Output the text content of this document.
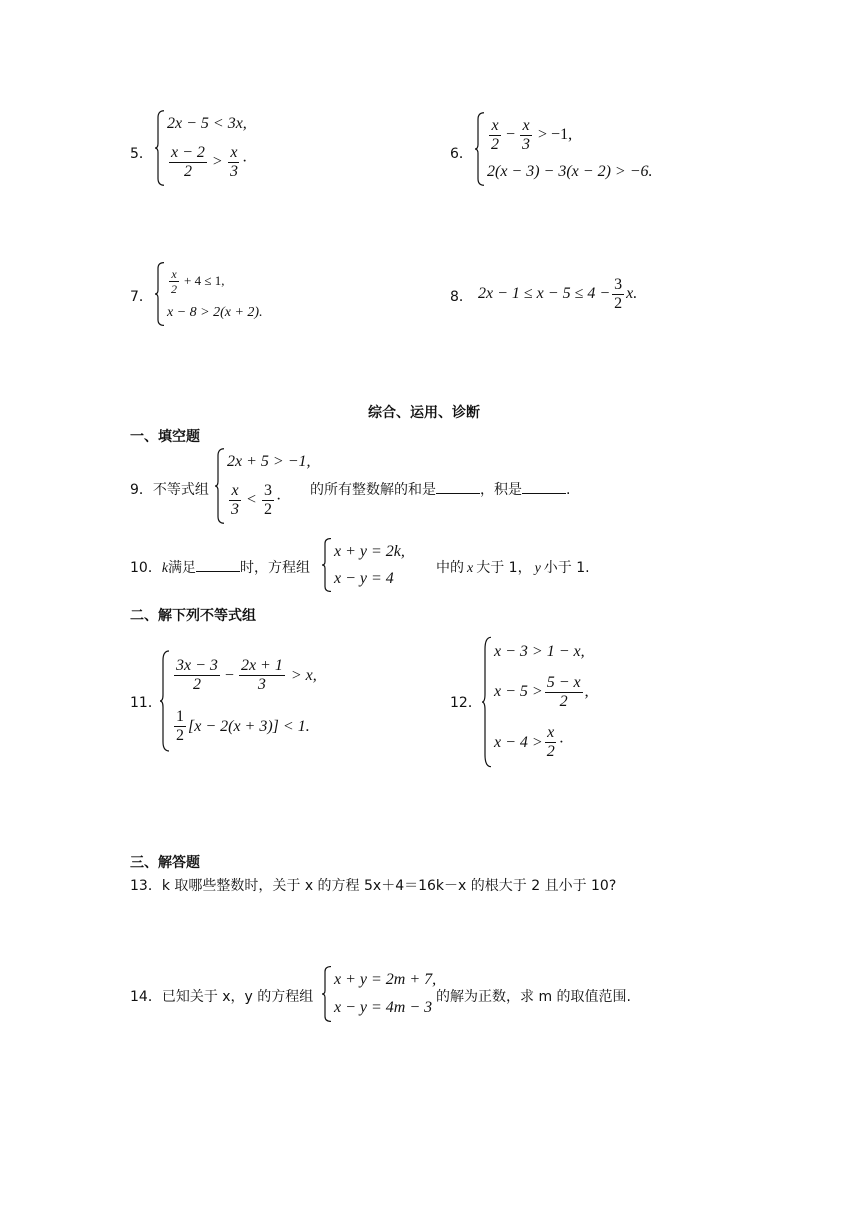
5．
2x − 5 < 3x,
$\frac{x - 2}{2} > \frac{x}{3}$ ·	6．
$\frac{x}{2} - \frac{x}{3} > -1$,
2(x − 3) − 3(x − 2) > −6.
7．
$\frac{x}{2} + 4 \le 1$,
x − 8 > 2(x + 2).
8． $2x - 1 \le x - 5 \le 4 - \frac{3}{2} x$.
综合、运用、诊断
一、填空题
9．不等式组
2x + 5 > −1,
$\frac{x}{3} < \frac{3}{2}$ ·
的所有整数解的和是	，积是	.
10．k满足	时，方程组
x + y = 2k,
x − y = 4
中的 x 大于 1， y 小于 1.
二、解下列不等式组
11．
$\frac{3x - 3}{2} - \frac{2x + 1}{3} > x$,
$\frac{1}{2} [x - 2(x + 3)] < 1$.
12．
x − 3 > 1 − x,
$x - 5 > \frac{5 - x}{2}$ ,
$x - 4 > \frac{x}{2}$ ·
三、解答题
13．k 取哪些整数时，关于 x 的方程 5x＋4＝16k－x 的根大于 2 且小于 10?
14．已知关于 x，y 的方程组
x + y = 2m + 7,
x − y = 4m − 3
的解为正数，求 m 的取值范围.
